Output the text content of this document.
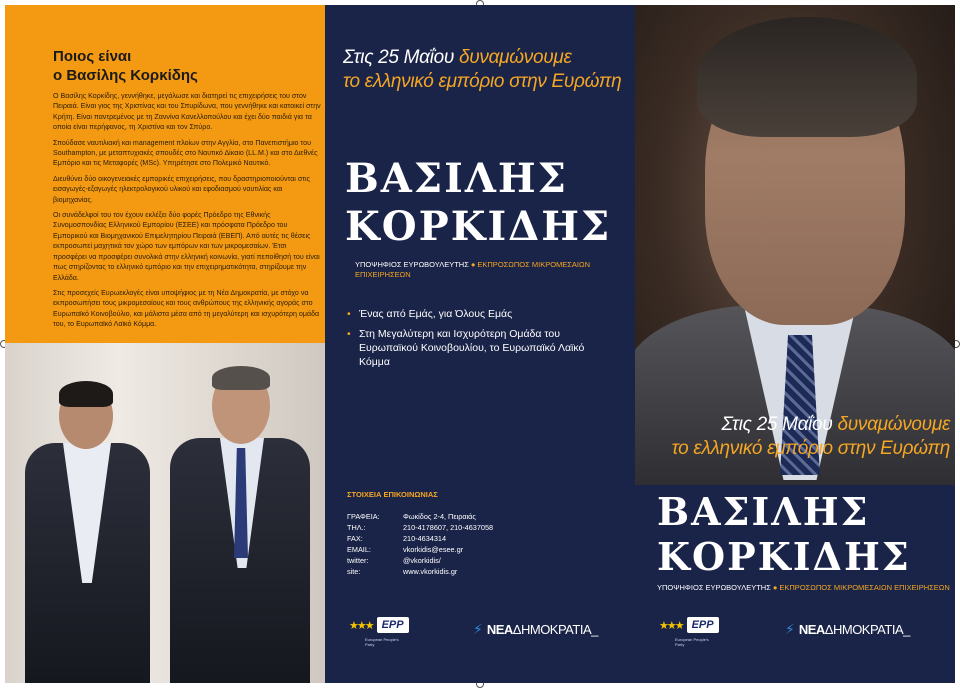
Ποιος είναι
ο Βασίλης Κορκίδης

Ο Βασίλης Κορκίδης, γεννήθηκε, μεγάλωσε και διατηρεί τις επιχειρήσεις του στον Πειραιά. Είναι γιος της Χριστίνας και του Σπυρίδωνα, που γεννήθηκε και κατοικεί στην Κρήτη. Είναι παντρεμένος με τη Ζαννίνα Κανελλοπούλου και έχει δύο παιδιά για τα οποία είναι περήφανος, τη Χριστίνα και τον Σπύρο.

Σπούδασε ναυτιλιακή και management πλοίων στην Αγγλία, στο Πανεπιστήμιο του Southampton, με μεταπτυχιακές σπουδές στο Ναυτικό Δίκαιο (LL.M.) και στο Διεθνές Εμπόριο και τις Μεταφορές (MSc). Υπηρέτησε στο Πολεμικό Ναυτικό.

Διευθύνει δύο οικογενειακές εμπορικές επιχειρήσεις, που δραστηριοποιούνται στις εισαγωγές-εξαγωγές ηλεκτρολογικού υλικού και εφοδιασμού ναυτιλίας και βιομηχανίας.

Οι συνάδελφοί του τον έχουν εκλέξει δύο φορές Πρόεδρο της Εθνικής Συνομοσπονδίας Ελληνικού Εμπορίου (ΕΣΕΕ) και πρόσφατα Πρόεδρο του Εμπορικού και Βιομηχανικού Επιμελητηρίου Πειραιά (ΕΒΕΠ). Από αυτές τις θέσεις εκπροσωπεί μαχητικά τον χώρο των εμπόρων και των μικρομεσαίων. Έτσι προσφέρει να προσφέρει συνολικά στην ελληνική κοινωνία, γιατί πεποίθησή του είναι πως στηρίζοντας το ελληνικό εμπόριο και την επιχειρηματικότητα, στηρίζουμε την Ελλάδα.

Στις προσεχείς Ευρωεκλογές είναι υποψήφιος με τη Νέα Δημοκρατία, με στόχο να εκπροσωπήσει τους μικρομεσαίους και τους ανθρώπους της ελληνικής αγοράς στο Ευρωπαϊκό Κοινοβούλιο, και μάλιστα μέσα από τη μεγαλύτερη και ισχυρότερη ομάδα του, το Ευρωπαϊκό Λαϊκό Κόμμα.

Στις 25 Μαΐου δυναμώνουμε
το ελληνικό εμπόριο στην Ευρώπη
ΒΑΣΙΛΗΣ
ΚΟΡΚΙΔΗΣ
ΥΠΟΨΗΦΙΟΣ ΕΥΡΩΒΟΥΛΕΥΤΗΣ ● ΕΚΠΡΟΣΩΠΟΣ ΜΙΚΡΟΜΕΣΑΙΩΝ ΕΠΙΧΕΙΡΗΣΕΩΝ
• Ένας από Εμάς, για Όλους Εμάς
• Στη Μεγαλύτερη και Ισχυρότερη Ομάδα του Ευρωπαϊκού Κοινοβουλίου, το Ευρωπαϊκό Λαϊκό Κόμμα
ΣΤΟΙΧΕΙΑ ΕΠΙΚΟΙΝΩΝΙΑΣ
ΓΡΑΦΕΙΑ:	Φωκίδος 2-4, Πειραιάς
ΤΗΛ.:	210-4178607, 210-4637058
FAX:	210-4634314
EMAIL:	vkorkidis@esee.gr
twitter:	@vkorkidis/
site:	www.vkorkidis.gr
★★★ EPP
European People's Party
⚡ ΝΕΑΔΗΜΟΚΡΑΤΙΑ_
Στις 25 Μαΐου δυναμώνουμε
το ελληνικό εμπόριο στην Ευρώπη
ΒΑΣΙΛΗΣ
ΚΟΡΚΙΔΗΣ
ΥΠΟΨΗΦΙΟΣ ΕΥΡΩΒΟΥΛΕΥΤΗΣ ● ΕΚΠΡΟΣΩΠΟΣ ΜΙΚΡΟΜΕΣΑΙΩΝ ΕΠΙΧΕΙΡΗΣΕΩΝ
★★★ EPP
European People's Party
⚡ ΝΕΑΔΗΜΟΚΡΑΤΙΑ_
